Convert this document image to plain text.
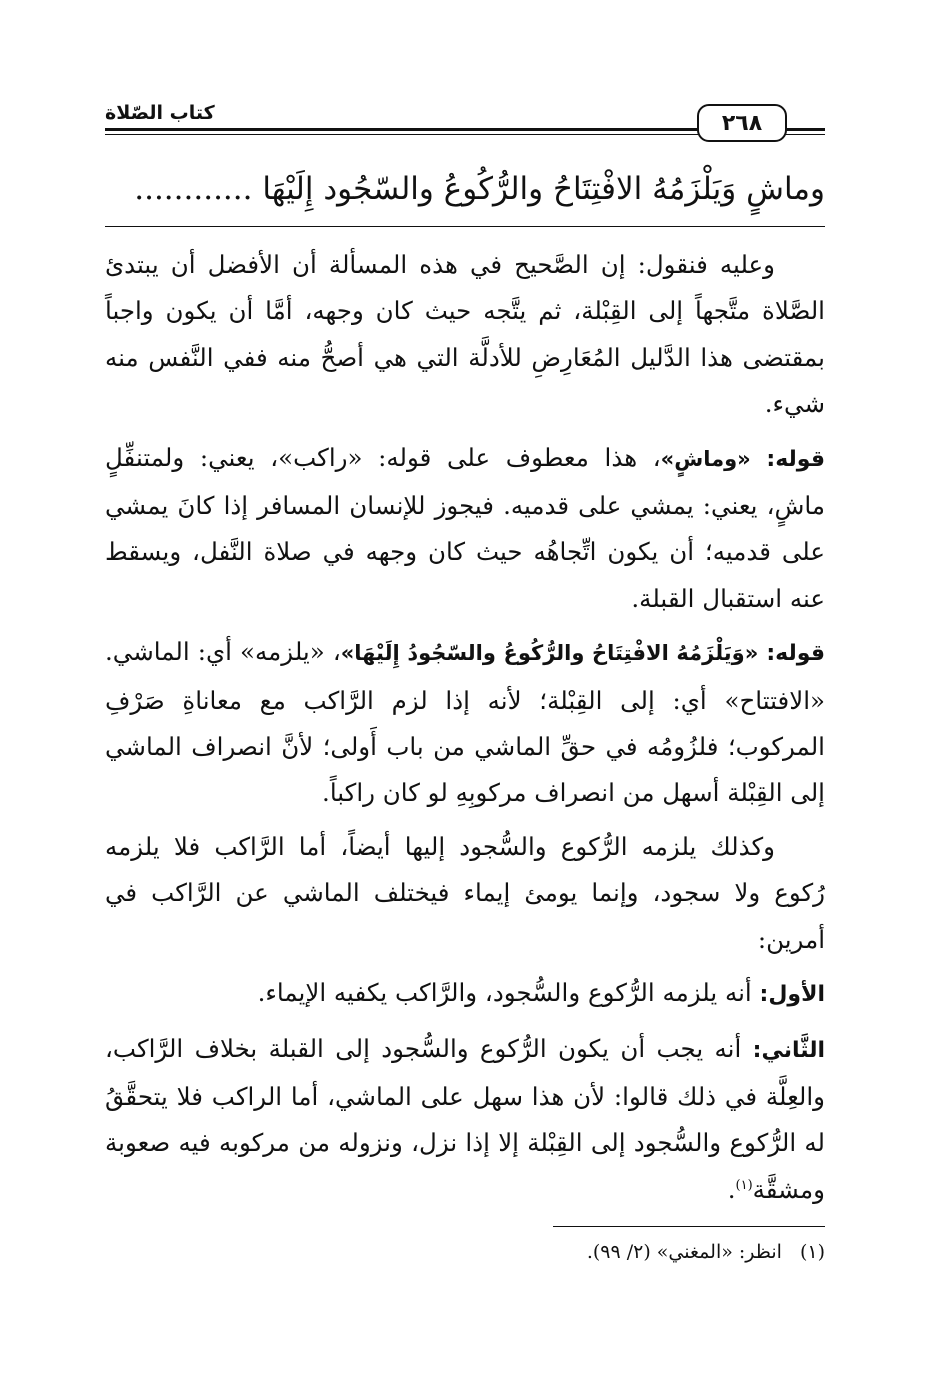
٢٦٨
كتاب الصّلاة
وماشٍ وَيَلْزَمُهُ الافْتِتَاحُ والرُّكُوعُ والسّجُود إِلَيْهَا ............

وعليه فنقول: إن الصَّحيح في هذه المسألة أن الأفضل أن يبتدئ الصَّلاة متَّجهاً إلى القِبْلة، ثم يتَّجه حيث كان وجهه، أمَّا أن يكون واجباً بمقتضى هذا الدَّليل المُعَارِضِ للأدلَّة التي هي أصحُّ منه ففي النَّفس منه شيء.

قوله: «وماشٍ»، هذا معطوف على قوله: «راكب»، يعني: ولمتنفِّلٍ ماشٍ، يعني: يمشي على قدميه. فيجوز للإنسان المسافر إذا كانَ يمشي على قدميه؛ أن يكون اتِّجاهُه حيث كان وجهه في صلاة النَّفل، ويسقط عنه استقبال القبلة.

قوله: «وَيَلْزَمُهُ الافْتِتَاحُ والرُّكُوعُ والسّجُودُ إِلَيْهَا»، «يلزمه» أي: الماشي. «الافتتاح» أي: إلى القِبْلة؛ لأنه إذا لزم الرَّاكب مع معاناةِ صَرْفِ المركوب؛ فلزُومُه في حقِّ الماشي من باب أَولى؛ لأنَّ انصراف الماشي إلى القِبْلة أسهل من انصراف مركوبِهِ لو كان راكباً.

وكذلك يلزمه الرُّكوع والسُّجود إليها أيضاً، أما الرَّاكب فلا يلزمه رُكوع ولا سجود، وإنما يومئ إيماء فيختلف الماشي عن الرَّاكب في أمرين:

الأول: أنه يلزمه الرُّكوع والسُّجود، والرَّاكب يكفيه الإيماء.

الثَّاني: أنه يجب أن يكون الرُّكوع والسُّجود إلى القبلة بخلاف الرَّاكب، والعِلَّة في ذلك قالوا: لأن هذا سهل على الماشي، أما الراكب فلا يتحقَّقُ له الرُّكوع والسُّجود إلى القِبْلة إلا إذا نزل، ونزوله من مركوبه فيه صعوبة ومشقَّة$^{(١)}$.

(١)انظر: «المغني» (٢/ ٩٩).
